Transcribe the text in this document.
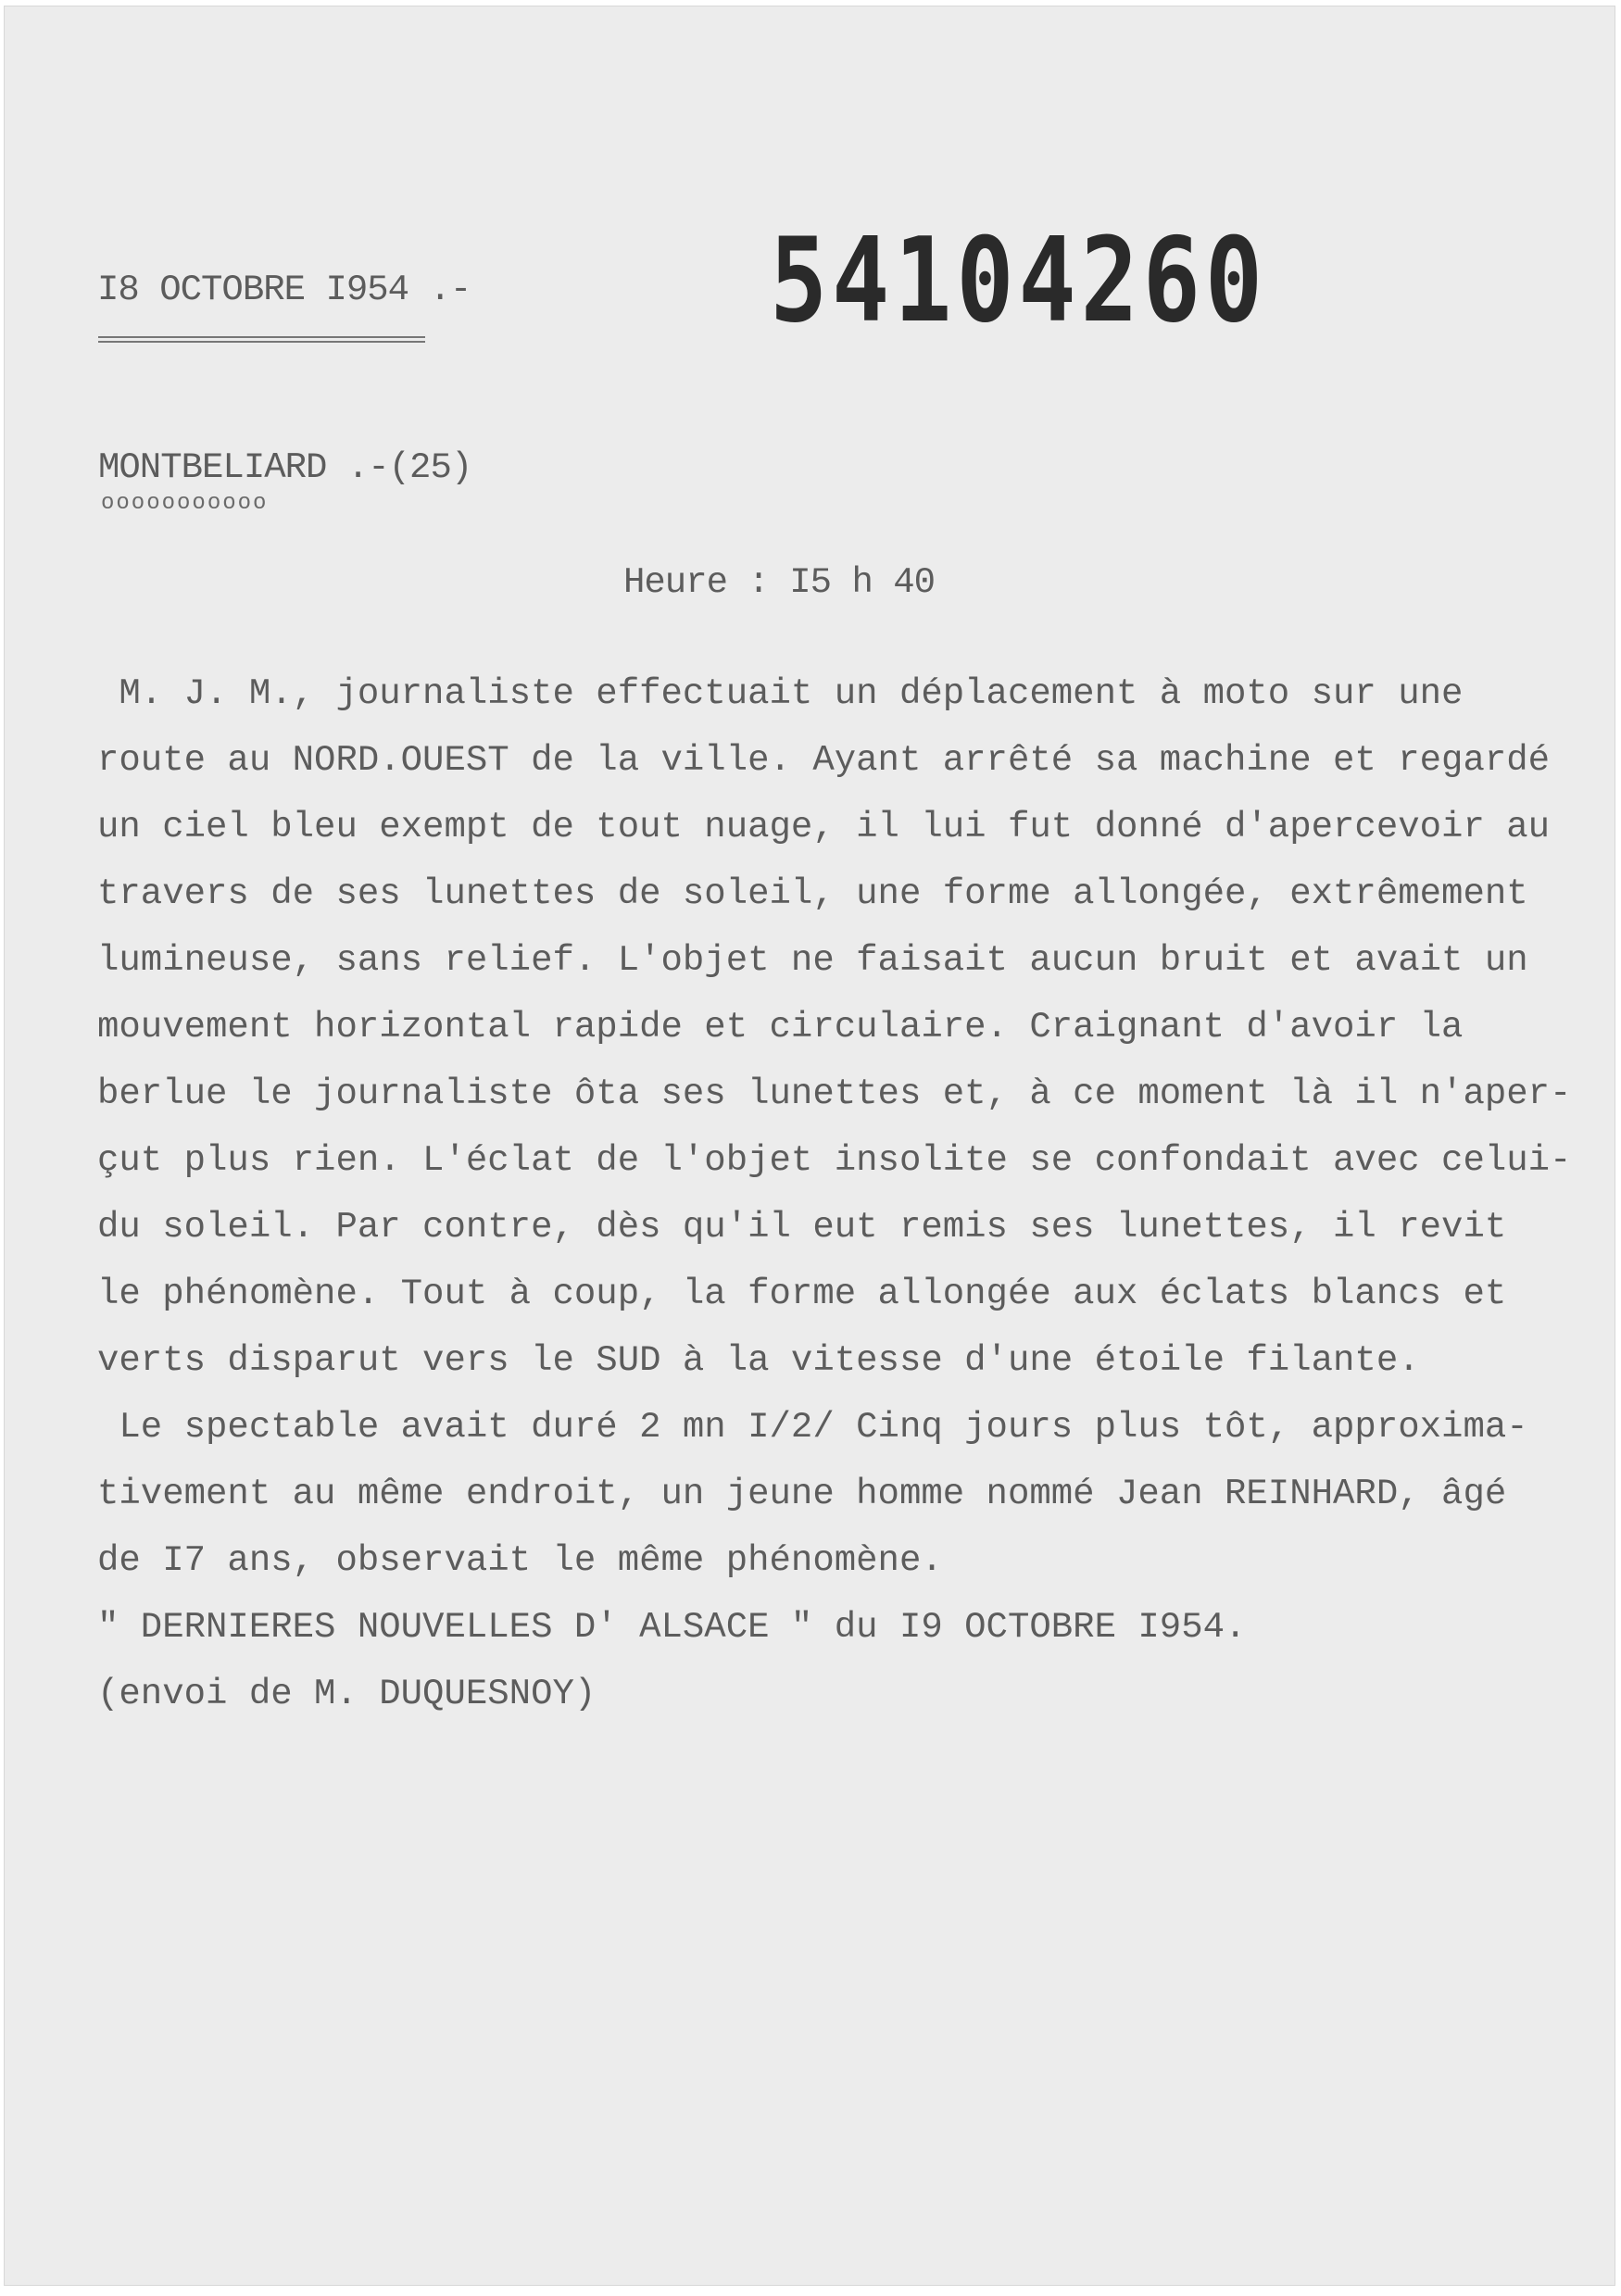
I8 OCTOBRE I954 .-	54104260

MONTBELIARD .-(25)

ooooooooooo

Heure : I5 h 40

M. J. M., journaliste effectuait un déplacement à moto sur une

route au NORD.OUEST de la ville. Ayant arrêté sa machine et regardé

un ciel bleu exempt de tout nuage, il lui fut donné d'apercevoir au

travers de ses lunettes de soleil, une forme allongée, extrêmement

lumineuse, sans relief. L'objet ne faisait aucun bruit et avait un

mouvement horizontal rapide et circulaire. Craignant d'avoir la

berlue le journaliste ôta ses lunettes et, à ce moment là il n'aper-

çut plus rien. L'éclat de l'objet insolite se confondait avec celui-

du soleil. Par contre, dès qu'il eut remis ses lunettes, il revit

le phénomène. Tout à coup, la forme allongée aux éclats blancs et

verts disparut vers le SUD à la vitesse d'une étoile filante.

Le spectable avait duré 2 mn I/2/ Cinq jours plus tôt, approxima-

tivement au même endroit, un jeune homme nommé Jean REINHARD, âgé

de I7 ans, observait le même phénomène.

" DERNIERES NOUVELLES D' ALSACE " du I9 OCTOBRE I954.

(envoi de M. DUQUESNOY)
